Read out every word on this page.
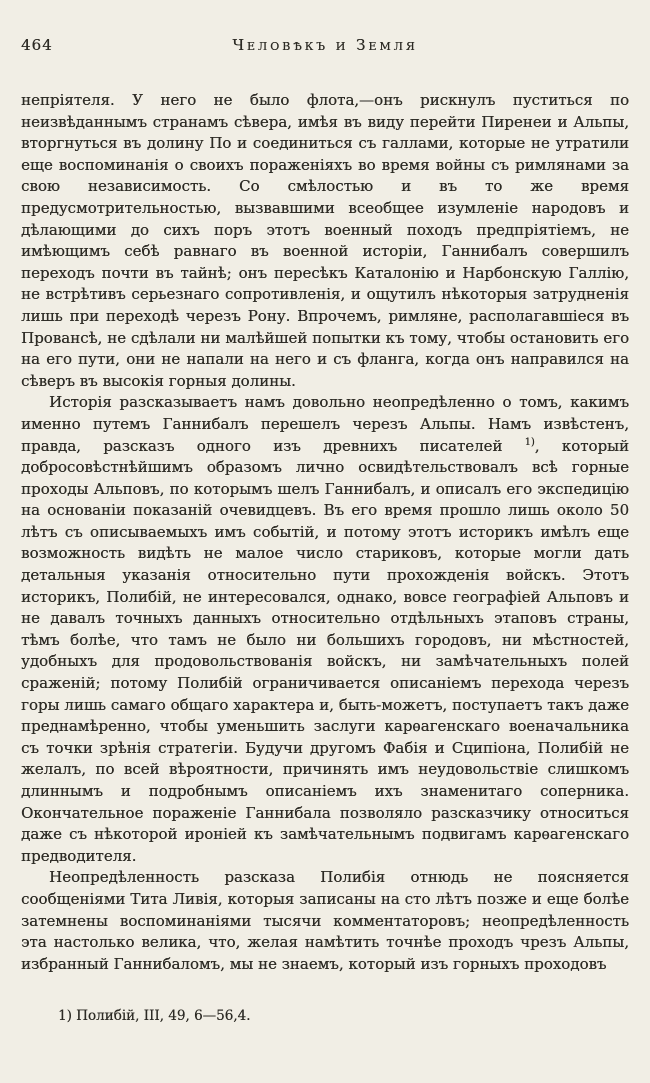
464	Человѣкъ и Земля

непріятеля. У него не было флота,—онъ рискнулъ пуститься по неизвѣданнымъ странамъ сѣвера, имѣя въ виду перейти Пиренеи и Альпы, вторгнуться въ долину По и соединиться съ галлами, которые не утратили еще воспоминанія о своихъ пораженіяхъ во время войны съ римлянами за свою независимость. Со смѣлостью и въ то же время предусмотрительностью, вызвавшими всеобщее изумленіе народовъ и дѣлающими до сихъ поръ этотъ военный походъ предпріятіемъ, не имѣющимъ себѣ равнаго въ военной исторіи, Ганнибалъ совершилъ переходъ почти въ тайнѣ; онъ пересѣкъ Каталонію и Нарбонскую Галлію, не встрѣтивъ серьезнаго сопротивленія, и ощутилъ нѣкоторыя затрудненія лишь при переходѣ черезъ Рону. Впрочемъ, римляне, располагавшіеся въ Провансѣ, не сдѣлали ни малѣйшей попытки къ тому, чтобы остановить его на его пути, они не напали на него и съ фланга, когда онъ направился на сѣверъ въ высокія горныя долины.

Исторія разсказываетъ намъ довольно неопредѣленно о томъ, какимъ именно путемъ Ганнибалъ перешелъ черезъ Альпы. Намъ извѣстенъ, правда, разсказъ одного изъ древнихъ писателей $^{1)}$, который добросовѣстнѣйшимъ образомъ лично освидѣтельствовалъ всѣ горные проходы Альповъ, по которымъ шелъ Ганнибалъ, и описалъ его экспедицію на основаніи показаній очевидцевъ. Въ его время прошло лишь около 50 лѣтъ съ описываемыхъ имъ событій, и потому этотъ историкъ имѣлъ еще возможность видѣть не малое число стариковъ, которые могли дать детальныя указанія относительно пути прохожденія войскъ. Этотъ историкъ, Полибій, не интересовался, однако, вовсе географіей Альповъ и не давалъ точныхъ данныхъ относительно отдѣльныхъ этаповъ страны, тѣмъ болѣе, что тамъ не было ни большихъ городовъ, ни мѣстностей, удобныхъ для продовольствованія войскъ, ни замѣчательныхъ полей сраженій; потому Полибій ограничивается описаніемъ перехода черезъ горы лишь самаго общаго характера и, быть-можетъ, поступаетъ такъ даже преднамѣренно, чтобы уменьшить заслуги карѳагенскаго военачальника съ точки зрѣнія стратегіи. Будучи другомъ Фабія и Сципіона, Полибій не желалъ, по всей вѣроятности, причинять имъ неудовольствіе слишкомъ длиннымъ и подробнымъ описаніемъ ихъ знаменитаго соперника. Окончательное пораженіе Ганнибала позволяло разсказчику относиться даже съ нѣкоторой ироніей къ замѣчательнымъ подвигамъ карѳагенскаго предводителя.

Неопредѣленность разсказа Полибія отнюдь не поясняется сообщеніями Тита Ливія, которыя записаны на сто лѣтъ позже и еще болѣе затемнены воспоминаніями тысячи комментаторовъ; неопредѣленность эта настолько велика, что, желая намѣтить точнѣе проходъ чрезъ Альпы, избранный Ганнибаломъ, мы не знаемъ, который изъ горныхъ проходовъ

1) Полибій, III, 49, 6—56,4.
